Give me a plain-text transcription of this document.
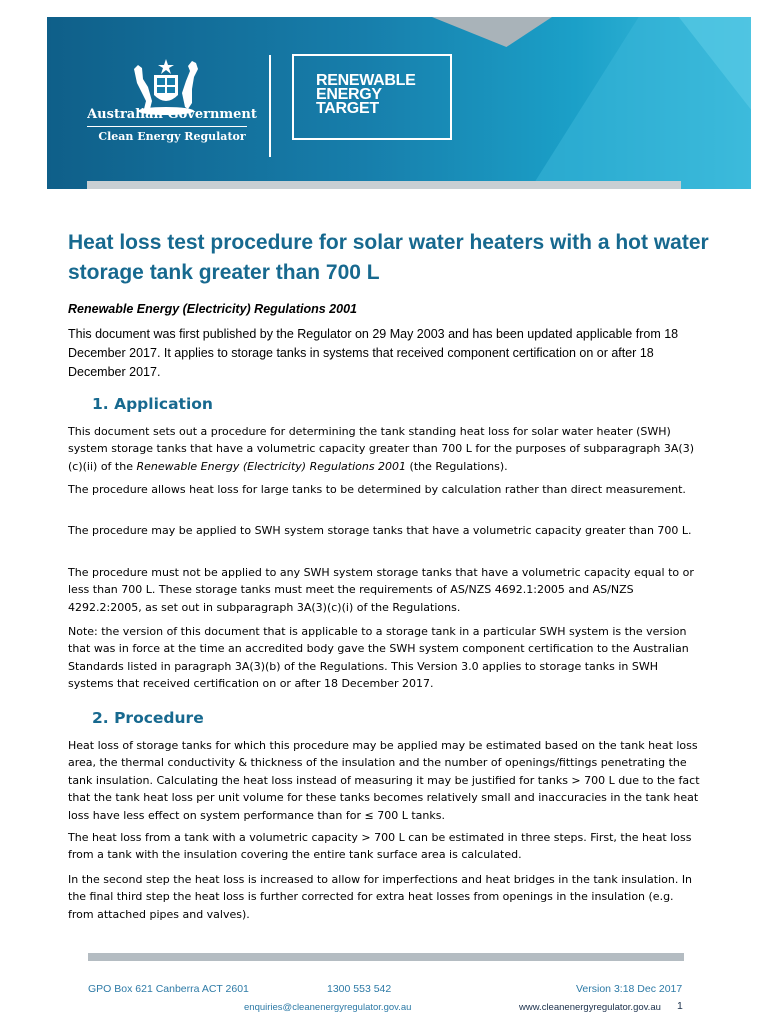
Australian Government
Clean Energy Regulator
RENEWABLE
ENERGY
TARGET
Heat loss test procedure for solar water heaters with a hot water storage tank greater than 700 L
Renewable Energy (Electricity) Regulations 2001
This document was first published by the Regulator on 29 May 2003 and has been updated applicable from 18 December 2017. It applies to storage tanks in systems that received component certification on or after 18 December 2017.
1. Application

This document sets out a procedure for determining the tank standing heat loss for solar water heater (SWH) system storage tanks that have a volumetric capacity greater than 700 L for the purposes of subparagraph 3A(3)(c)(ii) of the Renewable Energy (Electricity) Regulations 2001 (the Regulations).

The procedure allows heat loss for large tanks to be determined by calculation rather than direct measurement.

The procedure may be applied to SWH system storage tanks that have a volumetric capacity greater than 700 L.

The procedure must not be applied to any SWH system storage tanks that have a volumetric capacity equal to or less than 700 L. These storage tanks must meet the requirements of AS/NZS 4692.1:2005 and AS/NZS 4292.2:2005, as set out in subparagraph 3A(3)(c)(i) of the Regulations.

Note: the version of this document that is applicable to a storage tank in a particular SWH system is the version that was in force at the time an accredited body gave the SWH system component certification to the Australian Standards listed in paragraph 3A(3)(b) of the Regulations. This Version 3.0 applies to storage tanks in SWH systems that received certification on or after 18 December 2017.

2. Procedure

Heat loss of storage tanks for which this procedure may be applied may be estimated based on the tank heat loss area, the thermal conductivity & thickness of the insulation and the number of openings/fittings penetrating the tank insulation. Calculating the heat loss instead of measuring it may be justified for tanks > 700 L due to the fact that the tank heat loss per unit volume for these tanks becomes relatively small and inaccuracies in the tank heat loss have less effect on system performance than for ≤ 700 L tanks.

The heat loss from a tank with a volumetric capacity > 700 L can be estimated in three steps. First, the heat loss from a tank with the insulation covering the entire tank surface area is calculated.

In the second step the heat loss is increased to allow for imperfections and heat bridges in the tank insulation. In the final third step the heat loss is further corrected for extra heat losses from openings in the insulation (e.g. from attached pipes and valves).

GPO Box 621 Canberra ACT 2601	1300 553 542	Version 3:18 Dec 2017
enquiries@cleanenergyregulator.gov.au	www.cleanenergyregulator.gov.au 1
